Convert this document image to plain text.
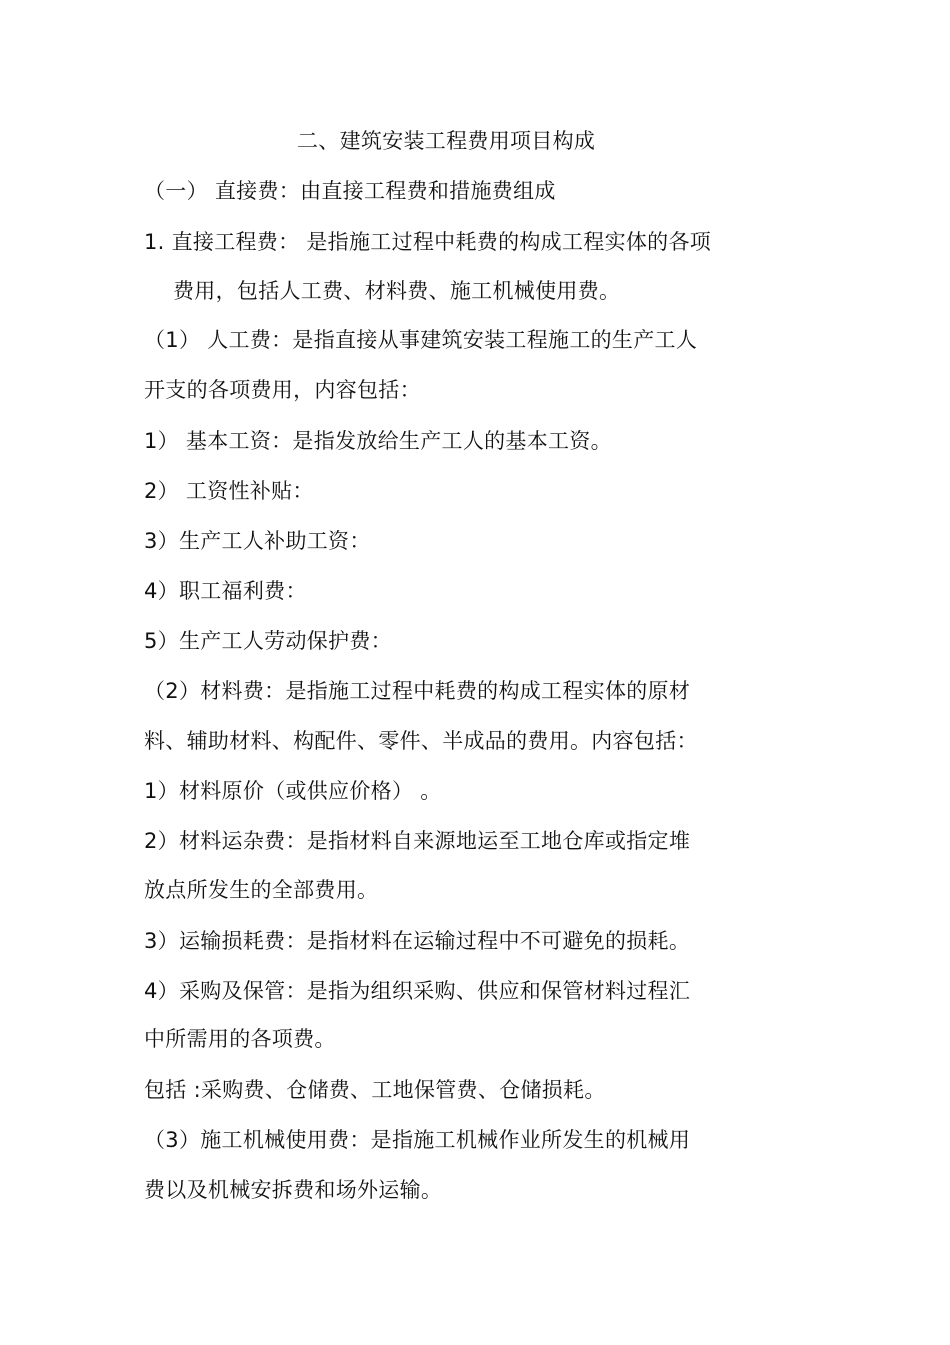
二、建筑安装工程费用项目构成
（一） 直接费：由直接工程费和措施费组成
1. 直接工程费： 是指施工过程中耗费的构成工程实体的各项
费用，包括人工费、材料费、施工机械使用费。
（1） 人工费：是指直接从事建筑安装工程施工的生产工人
开支的各项费用，内容包括：
1） 基本工资：是指发放给生产工人的基本工资。
2） 工资性补贴：
3）生产工人补助工资：
4）职工福利费：
5）生产工人劳动保护费：
（2）材料费：是指施工过程中耗费的构成工程实体的原材
料、辅助材料、构配件、零件、半成品的费用。内容包括：
1）材料原价（或供应价格） 。
2）材料运杂费：是指材料自来源地运至工地仓库或指定堆
放点所发生的全部费用。
3）运输损耗费：是指材料在运输过程中不可避免的损耗。
4）采购及保管：是指为组织采购、供应和保管材料过程汇
中所需用的各项费。
包括 :采购费、仓储费、工地保管费、仓储损耗。
（3）施工机械使用费：是指施工机械作业所发生的机械用
费以及机械安拆费和场外运输。
